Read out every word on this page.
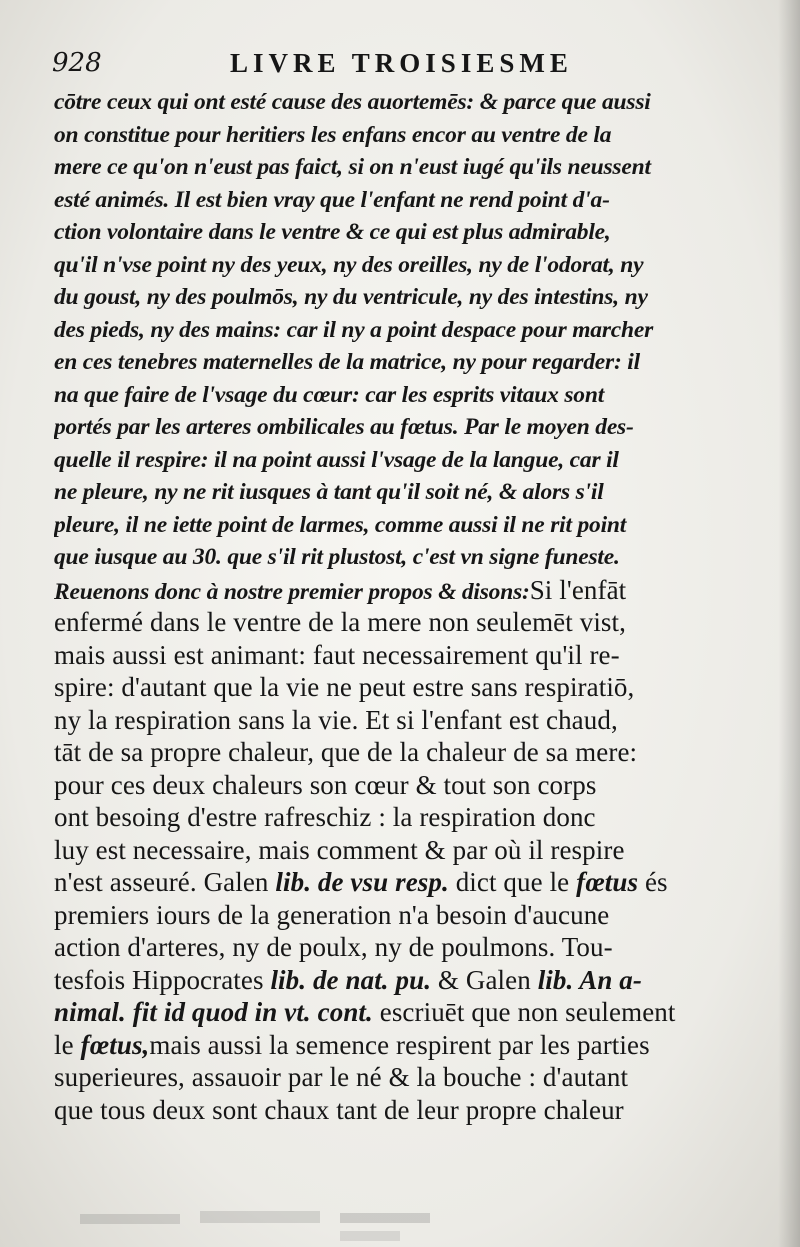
928	LIVRE TROISIESME
cōtre ceux qui ont esté cause des auortemēs: & parce que aussi
on constitue pour heritiers les enfans encor au ventre de la
mere ce qu'on n'eust pas faict, si on n'eust iugé qu'ils neussent
esté animés. Il est bien vray que l'enfant ne rend point d'a-
ction volontaire dans le ventre & ce qui est plus admirable,
qu'il n'vse point ny des yeux, ny des oreilles, ny de l'odorat, ny
du goust, ny des poulmōs, ny du ventricule, ny des intestins, ny
des pieds, ny des mains: car il ny a point despace pour marcher
en ces tenebres maternelles de la matrice, ny pour regarder: il
na que faire de l'vsage du cœur: car les esprits vitaux sont
portés par les arteres ombilicales au fœtus. Par le moyen des-
quelle il respire: il na point aussi l'vsage de la langue, car il
ne pleure, ny ne rit iusques à tant qu'il soit né, & alors s'il
pleure, il ne iette point de larmes, comme aussi il ne rit point
que iusque au 30. que s'il rit plustost, c'est vn signe funeste.
Reuenons donc à nostre premier propos & disons:Si l'enfāt
enfermé dans le ventre de la mere non seulemēt vist,
mais aussi est animant: faut necessairement qu'il re-
spire: d'autant que la vie ne peut estre sans respiratiō,
ny la respiration sans la vie. Et si l'enfant est chaud,
tāt de sa propre chaleur, que de la chaleur de sa mere:
pour ces deux chaleurs son cœur & tout son corps
ont besoing d'estre rafreschiz : la respiration donc
luy est necessaire, mais comment & par où il respire
n'est asseuré. Galen lib. de vsu resp. dict que le fœtus és
premiers iours de la generation n'a besoin d'aucune
action d'arteres, ny de poulx, ny de poulmons. Tou-
tesfois Hippocrates lib. de nat. pu. & Galen lib. An a-
nimal. fit id quod in vt. cont. escriuēt que non seulement
le fœtus,mais aussi la semence respirent par les parties
superieures, assauoir par le né & la bouche : d'autant
que tous deux sont chaux tant de leur propre chaleur
